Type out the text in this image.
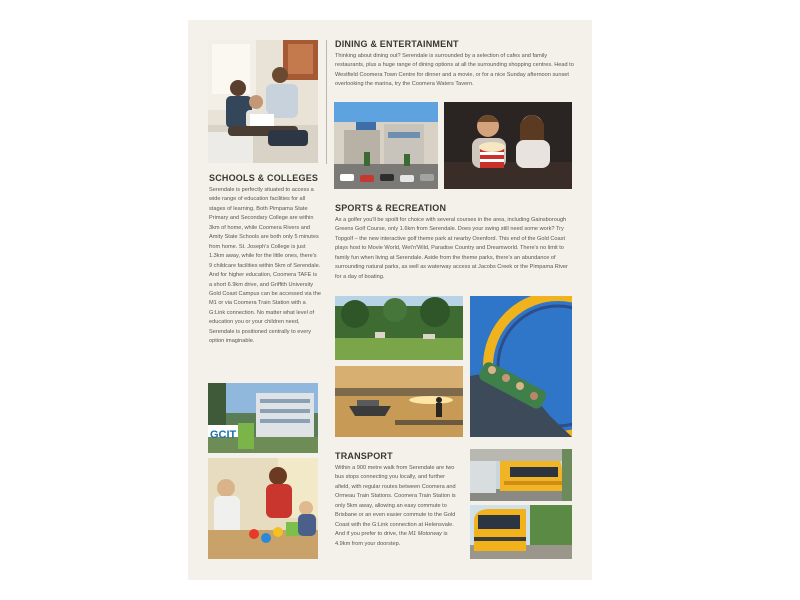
SCHOOLS & COLLEGES

Serendale is perfectly situated to access a wide range of education facilities for all stages of learning. Both Pimpama State Primary and Secondary College are within 3km of home, while Coomera Rivers and Amity State Schools are both only 5 minutes from home. St. Joseph's College is just 1.3km away, while for the little ones, there's 9 childcare facilities within 5km of Serendale. And for higher education, Coomera TAFE is a short 6.9km drive, and Griffith University Gold Coast Campus can be accessed via the M1 or via Coomera Train Station with a G:Link connection. No matter what level of education you or your children need, Serendale is positioned centrally to every option imaginable.

GCIT
DINING & ENTERTAINMENT

Thinking about dining out? Serendale is surrounded by a selection of cafes and family restaurants, plus a huge range of dining options at all the surrounding shopping centres. Head to Westfield Coomera Town Centre for dinner and a movie, or for a nice Sunday afternoon sunset overlooking the marina, try the Coomera Waters Tavern.

SPORTS & RECREATION

As a golfer you'll be spoilt for choice with several courses in the area, including Gainsborough Greens Golf Course, only 1.6km from Serendale. Does your swing still need some work? Try Topgolf – the new interactive golf theme park at nearby Oxenford. This end of the Gold Coast plays host to Movie World, Wet'n'Wild, Paradise Country and Dreamworld. There's no limit to family fun when living at Serendale. Aside from the theme parks, there's an abundance of surrounding natural parks, as well as waterway access at Jacobs Creek or the Pimpama River for a day of boating.

TRANSPORT

Within a 900 metre walk from Serendale are two bus stops connecting you locally, and further afield, with regular routes between Coomera and Ormeau Train Stations. Coomera Train Station is only 5km away, allowing an easy commute to Brisbane or an even easier commute to the Gold Coast with the G:Link connection at Helensvale. And if you prefer to drive, the M1 Motorway is 4.9km from your doorstep.
